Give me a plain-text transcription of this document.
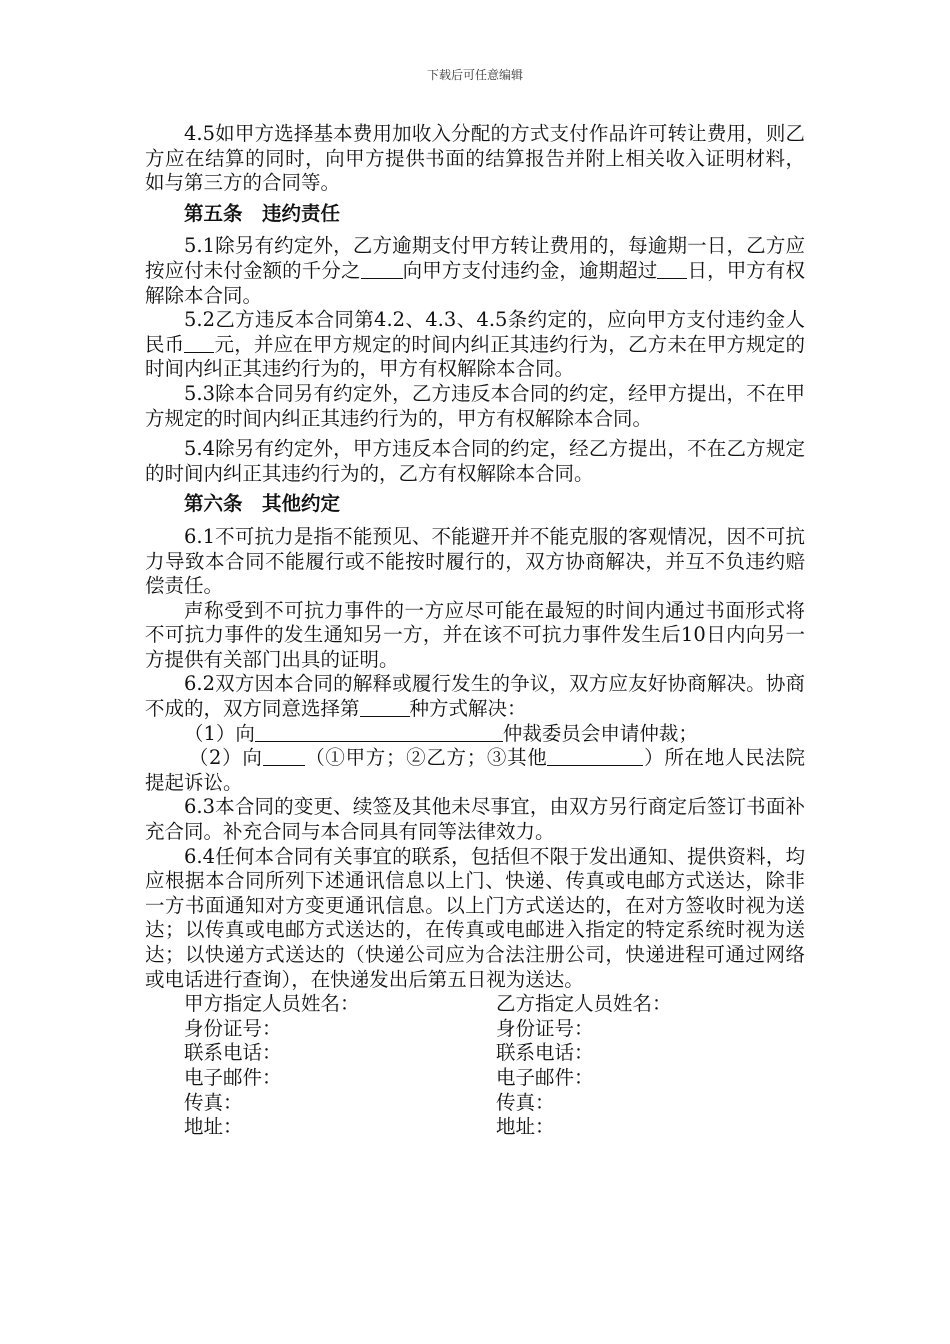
下载后可任意编辑

4.5如甲方选择基本费用加收入分配的方式支付作品许可转让费用，则乙方应在结算的同时，向甲方提供书面的结算报告并附上相关收入证明材料，如与第三方的合同等。

第五条　违约责任

5.1除另有约定外，乙方逾期支付甲方转让费用的，每逾期一日，乙方应按应付未付金额的千分之 向甲方支付违约金，逾期超过 日，甲方有权解除本合同。

5.2乙方违反本合同第4.2、4.3、4.5条约定的，应向甲方支付违约金人民币 元，并应在甲方规定的时间内纠正其违约行为，乙方未在甲方规定的时间内纠正其违约行为的，甲方有权解除本合同。

5.3除本合同另有约定外，乙方违反本合同的约定，经甲方提出，不在甲方规定的时间内纠正其违约行为的，甲方有权解除本合同。

5.4除另有约定外，甲方违反本合同的约定，经乙方提出，不在乙方规定的时间内纠正其违约行为的，乙方有权解除本合同。

第六条　其他约定

6.1不可抗力是指不能预见、不能避开并不能克服的客观情况，因不可抗力导致本合同不能履行或不能按时履行的，双方协商解决，并互不负违约赔偿责任。

声称受到不可抗力事件的一方应尽可能在最短的时间内通过书面形式将不可抗力事件的发生通知另一方，并在该不可抗力事件发生后10日内向另一方提供有关部门出具的证明。

6.2双方因本合同的解释或履行发生的争议，双方应友好协商解决。协商不成的，双方同意选择第	种方式解决：

（1）向	仲裁委员会申请仲裁；

（2）向 （①甲方；②乙方；③其他	）所在地人民法院提起诉讼。

6.3本合同的变更、续签及其他未尽事宜，由双方另行商定后签订书面补充合同。补充合同与本合同具有同等法律效力。

6.4任何本合同有关事宜的联系，包括但不限于发出通知、提供资料，均应根据本合同所列下述通讯信息以上门、快递、传真或电邮方式送达，除非一方书面通知对方变更通讯信息。以上门方式送达的，在对方签收时视为送达；以传真或电邮方式送达的，在传真或电邮进入指定的特定系统时视为送达；以快递方式送达的（快递公司应为合法注册公司，快递进程可通过网络或电话进行查询），在快递发出后第五日视为送达。

甲方指定人员姓名：	乙方指定人员姓名：
身份证号：	身份证号：
联系电话：	联系电话：
电子邮件：	电子邮件：
传真：	传真：
地址：	地址：
